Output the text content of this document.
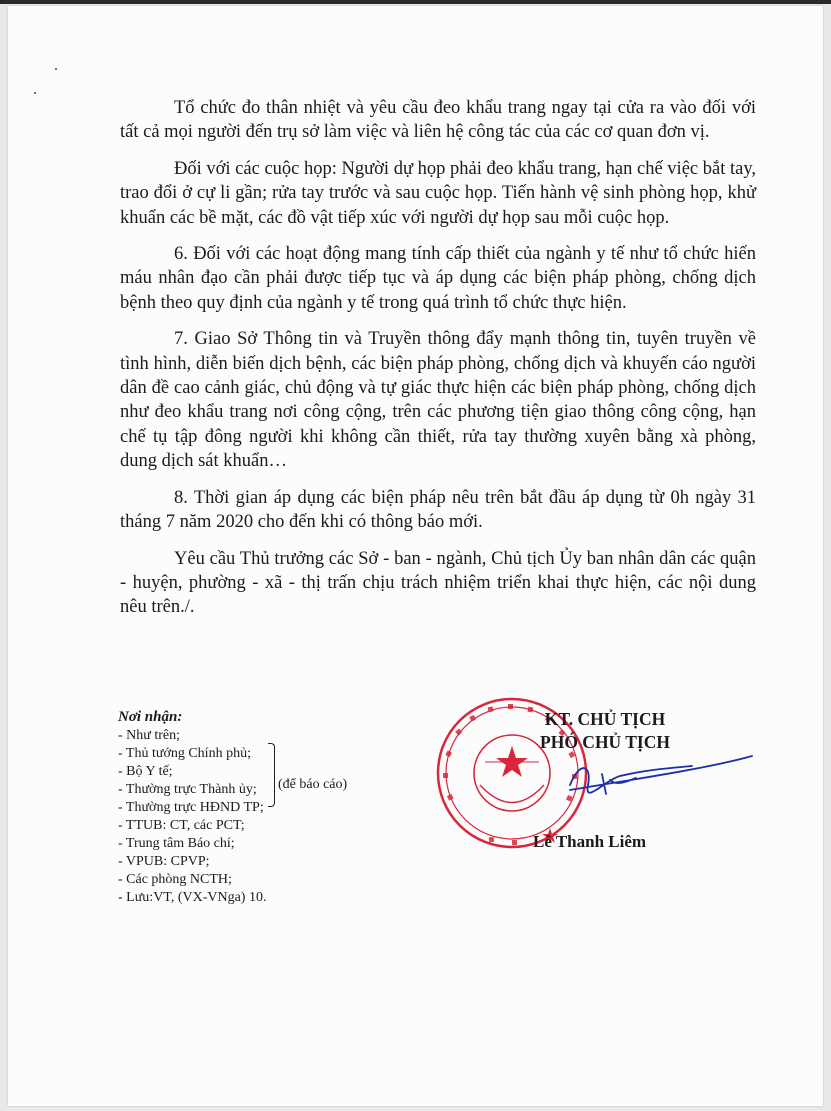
Tổ chức đo thân nhiệt và yêu cầu đeo khẩu trang ngay tại cửa ra vào đối với tất cả mọi người đến trụ sở làm việc và liên hệ công tác của các cơ quan đơn vị.

Đối với các cuộc họp: Người dự họp phải đeo khẩu trang, hạn chế việc bắt tay, trao đổi ở cự li gần; rửa tay trước và sau cuộc họp. Tiến hành vệ sinh phòng họp, khử khuẩn các bề mặt, các đồ vật tiếp xúc với người dự họp sau mỗi cuộc họp.

6. Đối với các hoạt động mang tính cấp thiết của ngành y tế như tổ chức hiến máu nhân đạo cần phải được tiếp tục và áp dụng các biện pháp phòng, chống dịch bệnh theo quy định của ngành y tế trong quá trình tổ chức thực hiện.

7. Giao Sở Thông tin và Truyền thông đẩy mạnh thông tin, tuyên truyền về tình hình, diễn biến dịch bệnh, các biện pháp phòng, chống dịch và khuyến cáo người dân đề cao cảnh giác, chủ động và tự giác thực hiện các biện pháp phòng, chống dịch như đeo khẩu trang nơi công cộng, trên các phương tiện giao thông công cộng, hạn chế tụ tập đông người khi không cần thiết, rửa tay thường xuyên bằng xà phòng, dung dịch sát khuẩn…

8. Thời gian áp dụng các biện pháp nêu trên bắt đầu áp dụng từ 0h ngày 31 tháng 7 năm 2020 cho đến khi có thông báo mới.

Yêu cầu Thủ trưởng các Sở - ban - ngành, Chủ tịch Ủy ban nhân dân các quận - huyện, phường - xã - thị trấn chịu trách nhiệm triển khai thực hiện, các nội dung nêu trên./.

Nơi nhận:
- Như trên;
- Thủ tướng Chính phủ;
- Bộ Y tế;
- Thường trực Thành ủy;
- Thường trực HĐND TP;
- TTUB: CT, các PCT;
- Trung tâm Báo chí;
- VPUB: CPVP;
- Các phòng NCTH;
- Lưu:VT, (VX-VNga) 10.
(để báo cáo)
KT. CHỦ TỊCH
PHÓ CHỦ TỊCH
Lê Thanh Liêm
